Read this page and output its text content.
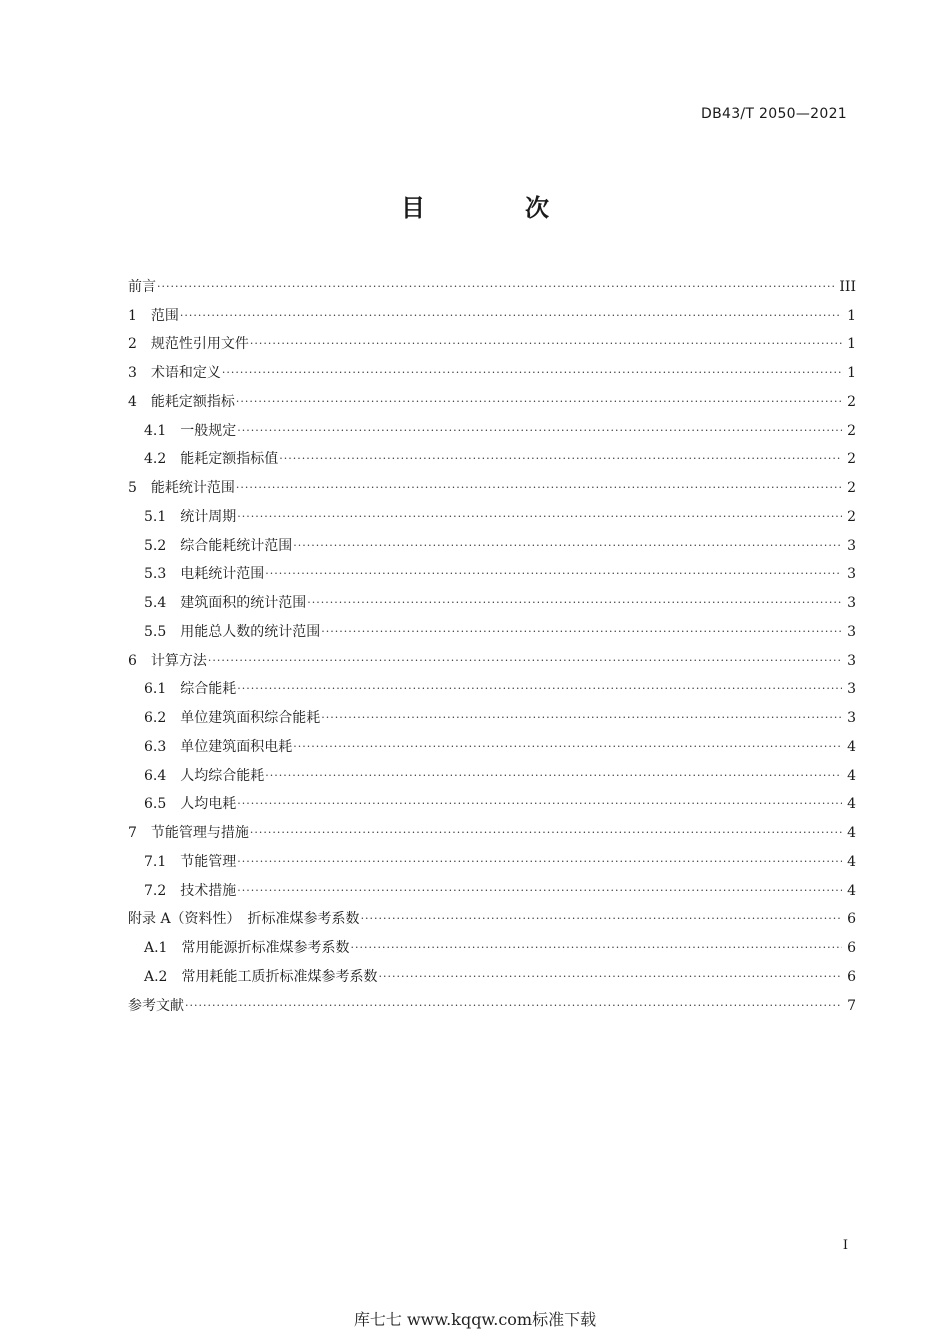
DB43/T 2050—2021
目　次
前言 ·····	III
1　 范围 ·····	1
2　 规范性引用文件 ·····	1
3　 术语和定义 ·····	1
4　 能耗定额指标 ·····	2
4.1　 一般规定 ·····	2
4.2　 能耗定额指标值 ·····	2
5　 能耗统计范围 ·····	2
5.1　 统计周期 ·····	2
5.2　 综合能耗统计范围 ·····	3
5.3　 电耗统计范围 ·····	3
5.4　 建筑面积的统计范围 ·····	3
5.5　 用能总人数的统计范围 ·····	3
6　 计算方法 ·····	3
6.1　 综合能耗 ·····	3
6.2　 单位建筑面积综合能耗 ·····	3
6.3　 单位建筑面积电耗 ·····	4
6.4　 人均综合能耗 ·····	4
6.5　 人均电耗 ·····	4
7　 节能管理与措施 ·····	4
7.1　 节能管理 ·····	4
7.2　 技术措施 ·····	4
附录 A（资料性）　折标准煤参考系数 ·····	6
A.1　 常用能源折标准煤参考系数 ·····	6
A.2　 常用耗能工质折标准煤参考系数 ·····	6
参考文献 ·····	7
I
库七七 www.kqqw.com标准下载
